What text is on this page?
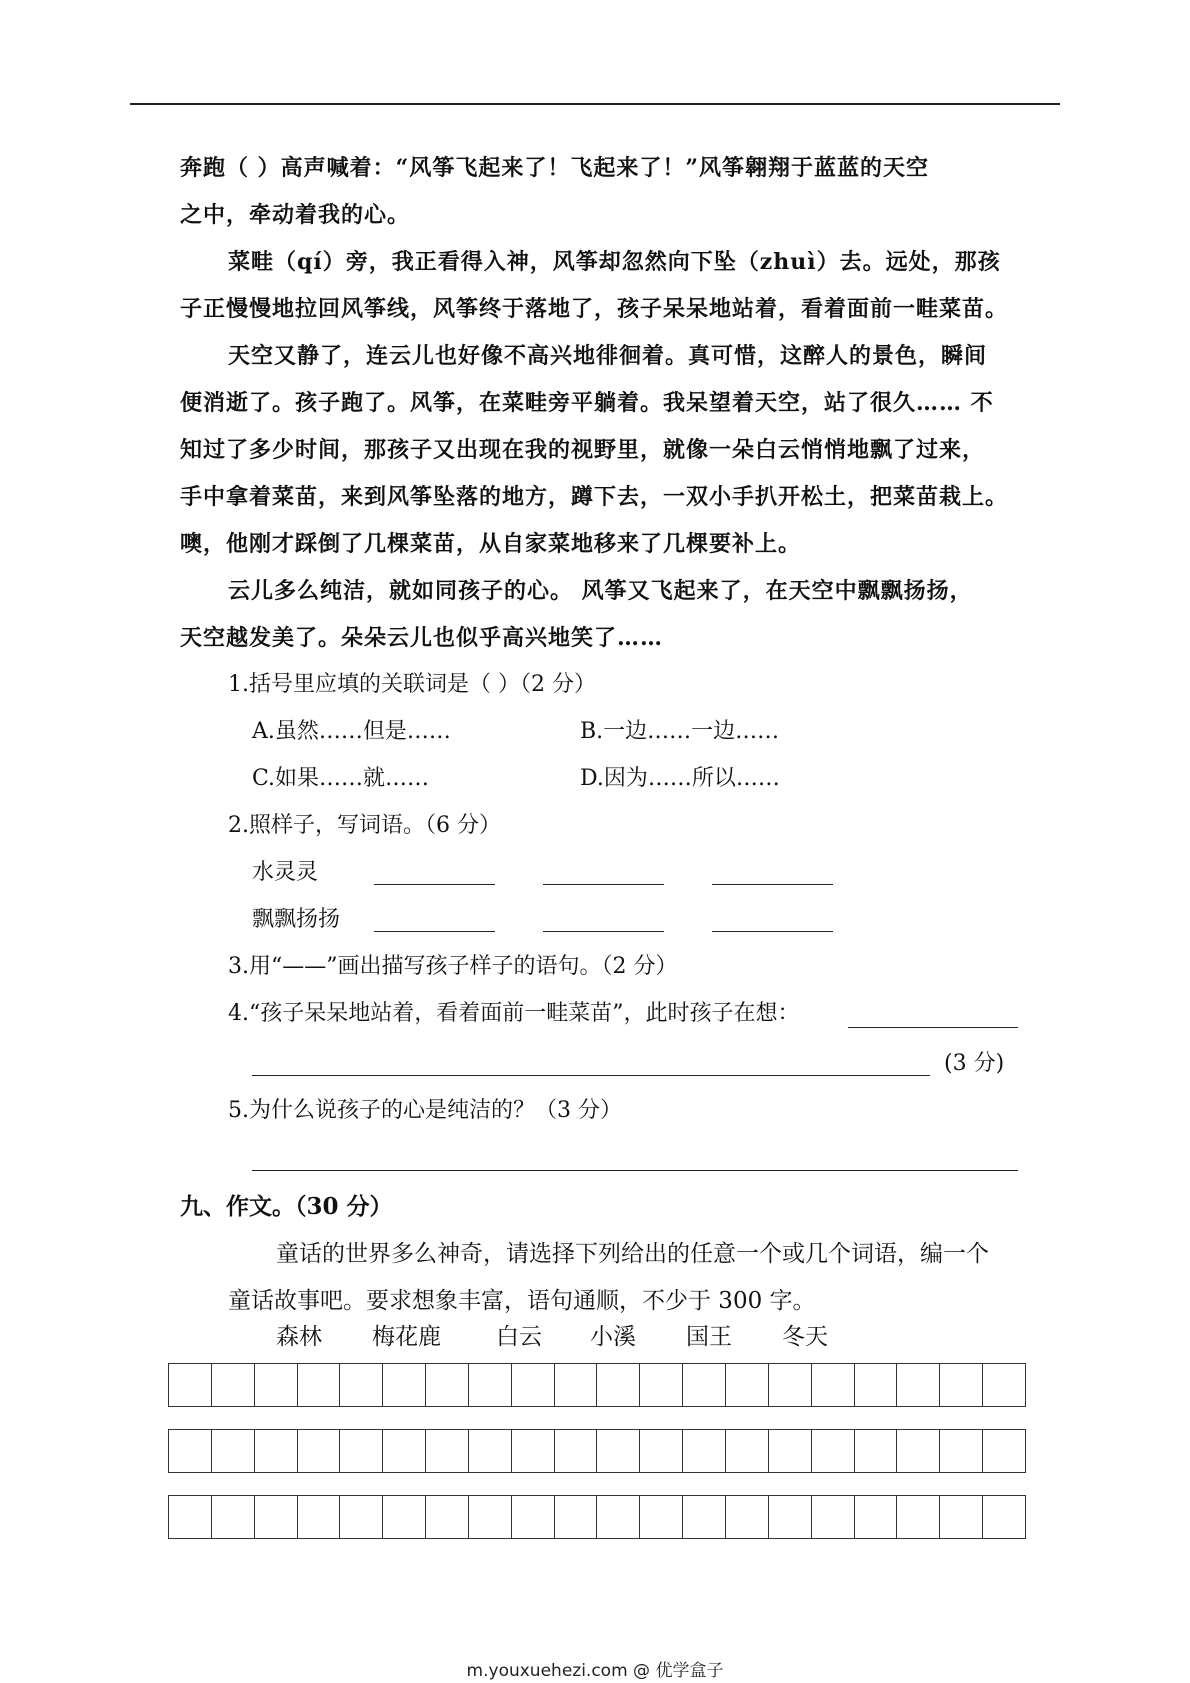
奔跑（ ）高声喊着：“风筝飞起来了！飞起来了！”风筝翱翔于蓝蓝的天空
之中，牵动着我的心。
菜畦（qí）旁，我正看得入神，风筝却忽然向下坠（zhuì）去。远处，那孩
子正慢慢地拉回风筝线，风筝终于落地了，孩子呆呆地站着，看着面前一畦菜苗。
天空又静了，连云儿也好像不高兴地徘徊着。真可惜，这醉人的景色，瞬间
便消逝了。孩子跑了。风筝，在菜畦旁平躺着。我呆望着天空，站了很久…… 不
知过了多少时间，那孩子又出现在我的视野里，就像一朵白云悄悄地飘了过来，
手中拿着菜苗，来到风筝坠落的地方，蹲下去，一双小手扒开松土，把菜苗栽上。
噢，他刚才踩倒了几棵菜苗，从自家菜地移来了几棵要补上。
云儿多么纯洁，就如同孩子的心。 风筝又飞起来了，在天空中飘飘扬扬，
天空越发美了。朵朵云儿也似乎高兴地笑了……
1.括号里应填的关联词是（ ）（2 分）
A.虽然……但是……	B.一边……一边……
C.如果……就……	D.因为……所以……
2.照样子，写词语。（6 分）
水灵灵
飘飘扬扬
3.用“——”画出描写孩子样子的语句。（2 分）
4.“孩子呆呆地站着，看着面前一畦菜苗”，此时孩子在想：
(3 分)
5.为什么说孩子的心是纯洁的？（3 分）
九、作文。（30 分）
童话的世界多么神奇，请选择下列给出的任意一个或几个词语，编一个
童话故事吧。要求想象丰富，语句通顺，不少于 300 字。
森林 梅花鹿 白云 小溪 国王 冬天
m.youxuehezi.com @ 优学盒子
